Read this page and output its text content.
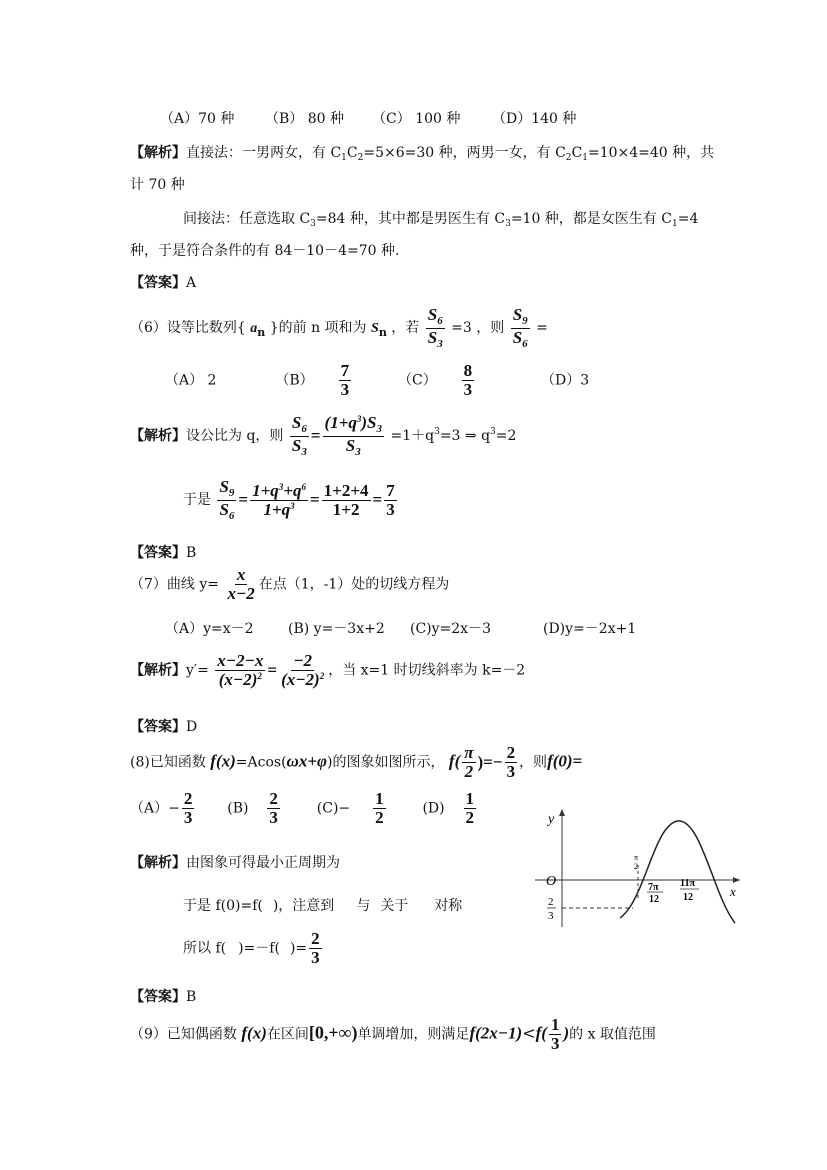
（A）70 种 （B） 80 种 （C） 100 种 （D）140 种
【解析】直接法：一男两女，有 $C_1C_2=5\times 6=30$ 种，两男一女，有 $C_2C_1=10\times 4=40$ 种，共
计 70 种
间接法：任意选取 $C_3=84$ 种，其中都是男医生有 $C_3=10$ 种，都是女医生有 $C_1=4$
种，于是符合条件的有 84－10－4=70 种.
【答案】A
（6）设等比数列{ $a_n$ }的前 n 项和为 $S_n$ ，若 $\frac{S_6}{S_3} =3$ ，则 $\frac{S_9}{S_6}$ =
（A） 2	$(B) \frac{7}{3}$	$(C) \frac{8}{3}$	（D）3
【解析】设公比为 q，则 $\frac{S_6}{S_3} = \frac{(1+q^3)S_3}{S_3} =1+q^3=3$ ⇒ $q^3=2$
于是 $\frac{S_9}{S_6} = \frac{1+q^3+q^6}{1+q^3} = \frac{1+2+4}{1+2} = \frac{7}{3}$
【答案】B
（7）曲线 $y= \frac{x}{x-2}$ 在点（1，-1）处的切线方程为
（A）y=x－2 (B) y=－3x+2 (C)y=2x－3	(D)y=－2x+1
【解析】$y'= \frac{x-2-x}{(x-2)^2} = \frac{-2}{(x-2)^2}$ ，当 x=1 时切线斜率为 k=－2
【答案】D
(8)已知函数 f(x)=Acos(ωx+φ)的图象如图所示， $f( \frac{\pi}{2}$ )=− $\frac{2}{3}$ ，则f(0)=
$(A)- \frac{2}{3} (B) \frac{2}{3}$	$(C)- \frac{1}{2}$	$(D) \frac{1}{2}$
【解析】由图象可得最小正周期为
于是 f(0)=f( )，注意到 与 关于 对称
所以 f( )=－f( )= $\frac{2}{3}$
【答案】B
y
x
O
π
2
7π
12
11π
12
2
3
（9）已知偶函数 f(x)在区间[0,+∞)单调增加，则满足$f(2x-1)<f( \frac{1}{3}$ )的 x 取值范围
